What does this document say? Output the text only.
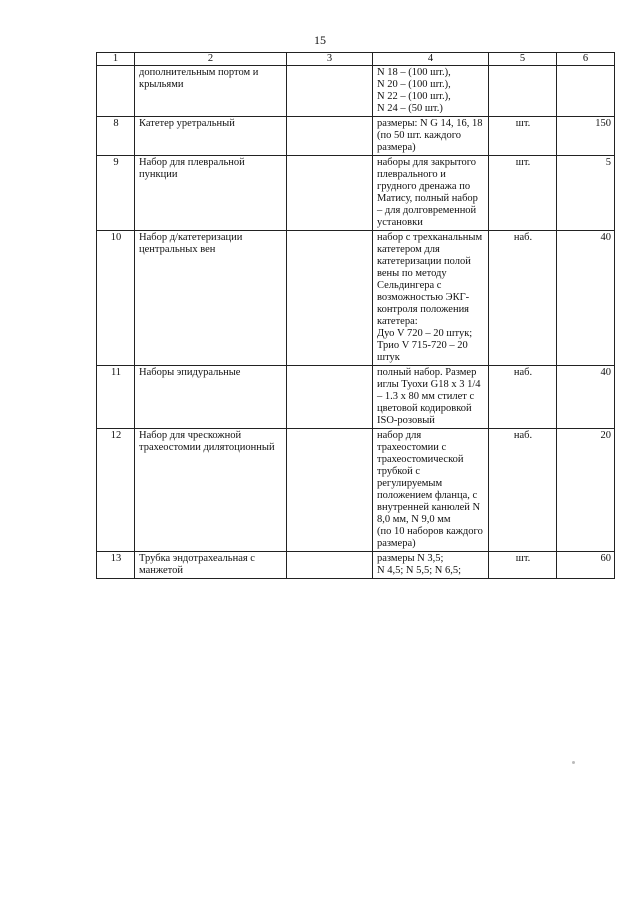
15
1	2	3	4	5	6
	дополнительным портом и крыльями		N 18 – (100 шт.),
N 20 – (100 шт.),
N 22 – (100 шт.),
N 24 – (50 шт.)		
8	Катетер уретральный		размеры: N G 14, 16, 18
(по 50 шт. каждого размера)	шт.	150
9	Набор для плевральной пункции		наборы для закрытого плеврального и грудного дренажа по Матису, полный набор – для долговременной установки	шт.	5
10	Набор д/катетеризации центральных вен		набор с трехканальным катетером для катетеризации полой вены по методу Сельдингера с возможностью ЭКГ-контроля положения катетера:
Дуо V 720 – 20 штук; Трио V 715-720 – 20 штук	наб.	40
11	Наборы эпидуральные		полный набор. Размер иглы Туохи G18 x 3 1/4 – 1.3 x 80 мм стилет с цветовой кодировкой ISO-розовый	наб.	40
12	Набор для чрескожной трахеостомии дилятоционный		набор для трахеостомии с трахеостомической трубкой с регулируемым положением фланца, с внутренней канюлей N 8,0 мм, N 9,0 мм
(по 10 наборов каждого размера)	наб.	20
13	Трубка эндотрахеальная с манжетой		размеры N 3,5;
N 4,5; N 5,5; N 6,5;	шт.	60
